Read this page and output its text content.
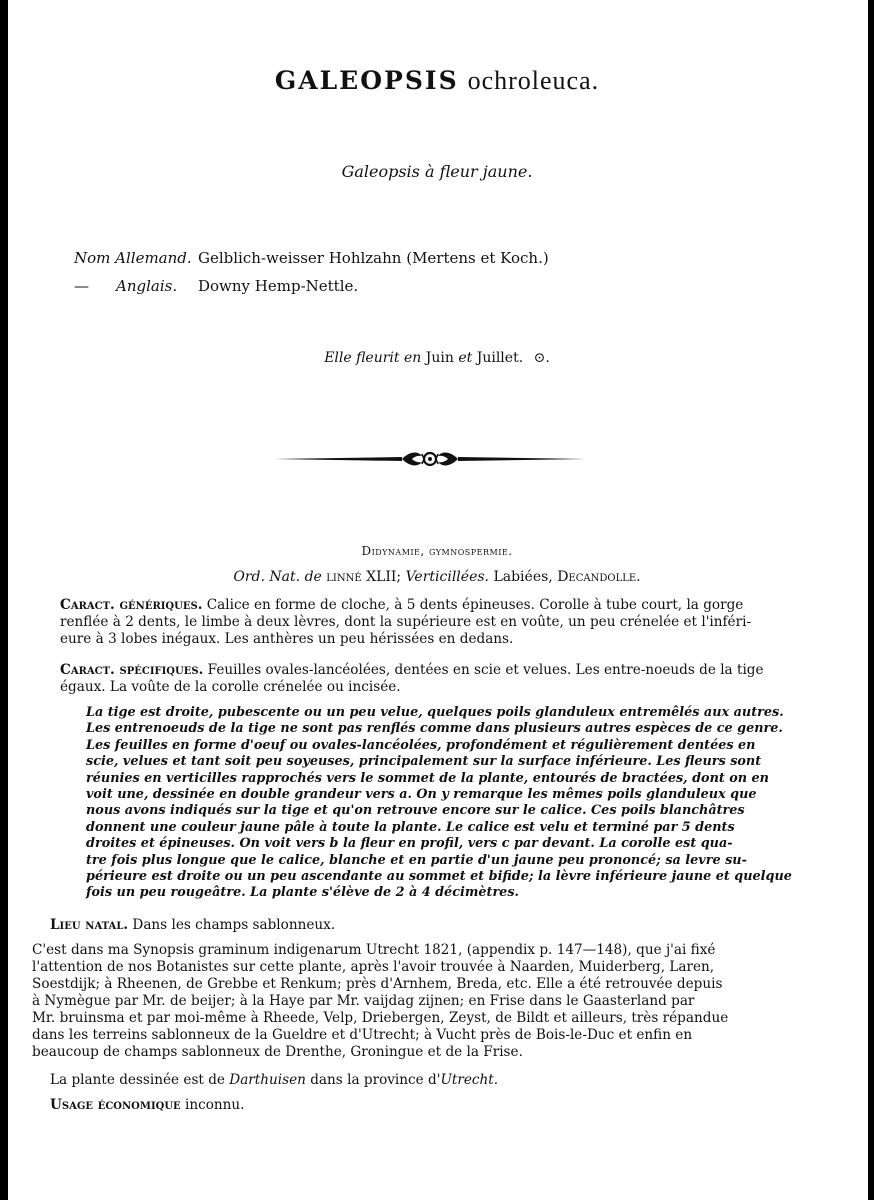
GALEOPSIS ochroleuca.
Galeopsis à fleur jaune.
Nom Allemand. Gelblich-weisser Hohlzahn (Mertens et Koch.)
— Anglais. Downy Hemp-Nettle.
Elle fleurit en Juin et Juillet. ⊙.
Didynamie, gymnospermie.
Ord. Nat. de linné XLII; Verticillées. Labiées, Decandolle.
Caract. génériques. Calice en forme de cloche, à 5 dents épineuses. Corolle à tube court, la gorge
renflée à 2 dents, le limbe à deux lèvres, dont la supérieure est en voûte, un peu crénelée et l'inféri-
eure à 3 lobes inégaux. Les anthères un peu hérissées en dedans.
Caract. spécifiques. Feuilles ovales-lancéolées, dentées en scie et velues. Les entre-noeuds de la tige
égaux. La voûte de la corolle crénelée ou incisée.
La tige est droite, pubescente ou un peu velue, quelques poils glanduleux entremêlés aux autres.
Les entrenoeuds de la tige ne sont pas renflés comme dans plusieurs autres espèces de ce genre.
Les feuilles en forme d'oeuf ou ovales-lancéolées, profondément et régulièrement dentées en
scie, velues et tant soit peu soyeuses, principalement sur la surface inférieure. Les fleurs sont
réunies en verticilles rapprochés vers le sommet de la plante, entourés de bractées, dont on en
voit une, dessinée en double grandeur vers a. On y remarque les mêmes poils glanduleux que
nous avons indiqués sur la tige et qu'on retrouve encore sur le calice. Ces poils blanchâtres
donnent une couleur jaune pâle à toute la plante. Le calice est velu et terminé par 5 dents
droites et épineuses. On voit vers b la fleur en profil, vers c par devant. La corolle est qua-
tre fois plus longue que le calice, blanche et en partie d'un jaune peu prononcé; sa levre su-
périeure est droite ou un peu ascendante au sommet et bifide; la lèvre inférieure jaune et quelque
fois un peu rougeâtre. La plante s'élève de 2 à 4 décimètres.
Lieu natal. Dans les champs sablonneux.
C'est dans ma Synopsis graminum indigenarum Utrecht 1821, (appendix p. 147—148), que j'ai fixé
l'attention de nos Botanistes sur cette plante, après l'avoir trouvée à Naarden, Muiderberg, Laren,
Soestdijk; à Rheenen, de Grebbe et Renkum; près d'Arnhem, Breda, etc. Elle a été retrouvée depuis
à Nymègue par Mr. de beijer; à la Haye par Mr. vaijdag zijnen; en Frise dans le Gaasterland par
Mr. bruinsma et par moi-même à Rheede, Velp, Driebergen, Zeyst, de Bildt et ailleurs, très répandue
dans les terreins sablonneux de la Gueldre et d'Utrecht; à Vucht près de Bois-le-Duc et enfin en
beaucoup de champs sablonneux de Drenthe, Groningue et de la Frise.
La plante dessinée est de Darthuisen dans la province d'Utrecht.
Usage économique inconnu.
